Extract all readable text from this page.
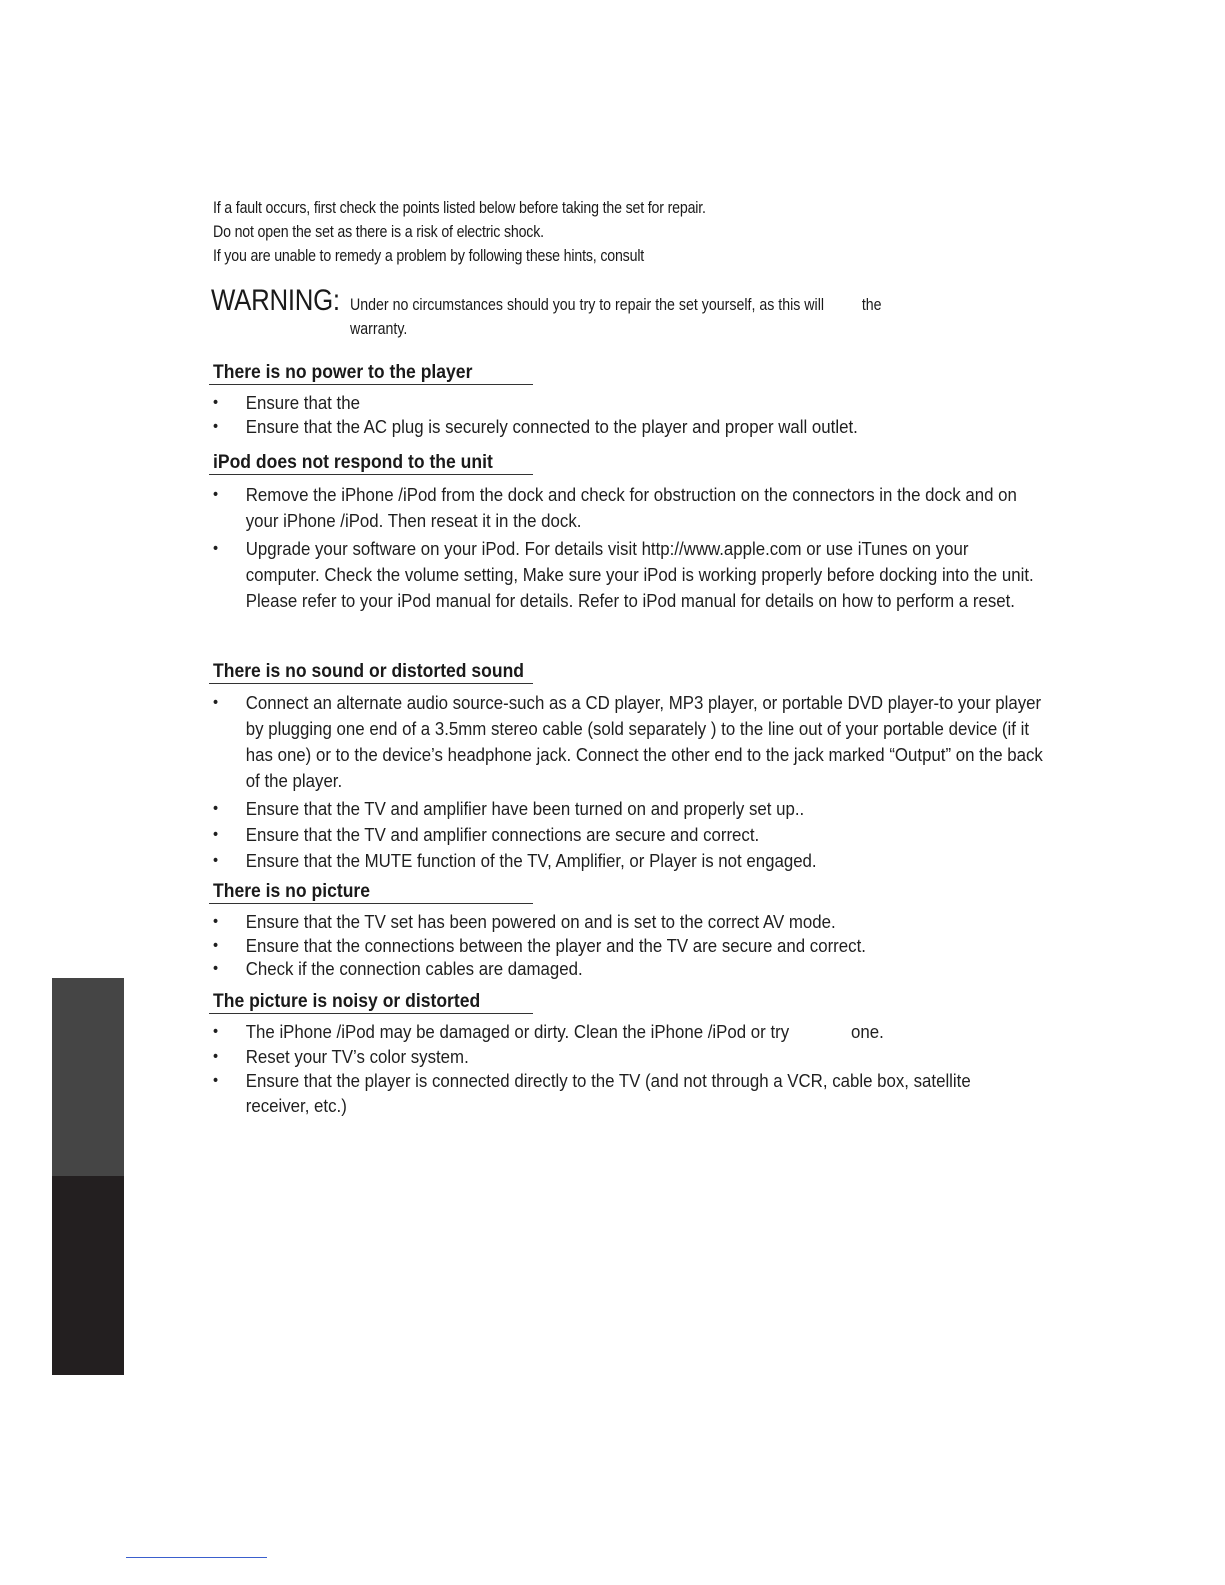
If a fault occurs, first check the points listed below before taking the set for repair.

Do not open the set as there is a risk of electric shock.

If you are unable to remedy a problem by following these hints, consult

WARNING: Under no circumstances should you try to repair the set yourself, as this will the
warranty.
There is no power to the player
• Ensure that the
• Ensure that the AC plug is securely connected to the player and proper wall outlet.
iPod does not respond to the unit
• Remove the iPhone /iPod from the dock and check for obstruction on the connectors in the dock and on your iPhone /iPod. Then reseat it in the dock.
• Upgrade your software on your iPod. For details visit http://www.apple.com or use iTunes on your computer. Check the volume setting, Make sure your iPod is working properly before docking into the unit. Please refer to your iPod manual for details. Refer to iPod manual for details on how to perform a reset.
There is no sound or distorted sound
• Connect an alternate audio source-such as a CD player, MP3 player, or portable DVD player-to your player by plugging one end of a 3.5mm stereo cable (sold separately ) to the line out of your portable device (if it has one) or to the device’s headphone jack. Connect the other end to the jack marked “Output” on the back of the player.
• Ensure that the TV and amplifier have been turned on and properly set up..
• Ensure that the TV and amplifier connections are secure and correct.
• Ensure that the MUTE function of the TV, Amplifier, or Player is not engaged.
There is no picture
• Ensure that the TV set has been powered on and is set to the correct AV mode.
• Ensure that the connections between the player and the TV are secure and correct.
• Check if the connection cables are damaged.
The picture is noisy or distorted
• The iPhone /iPod may be damaged or dirty. Clean the iPhone /iPod or try	one.
• Reset your TV’s color system.
• Ensure that the player is connected directly to the TV (and not through a VCR, cable box, satellite receiver, etc.)
